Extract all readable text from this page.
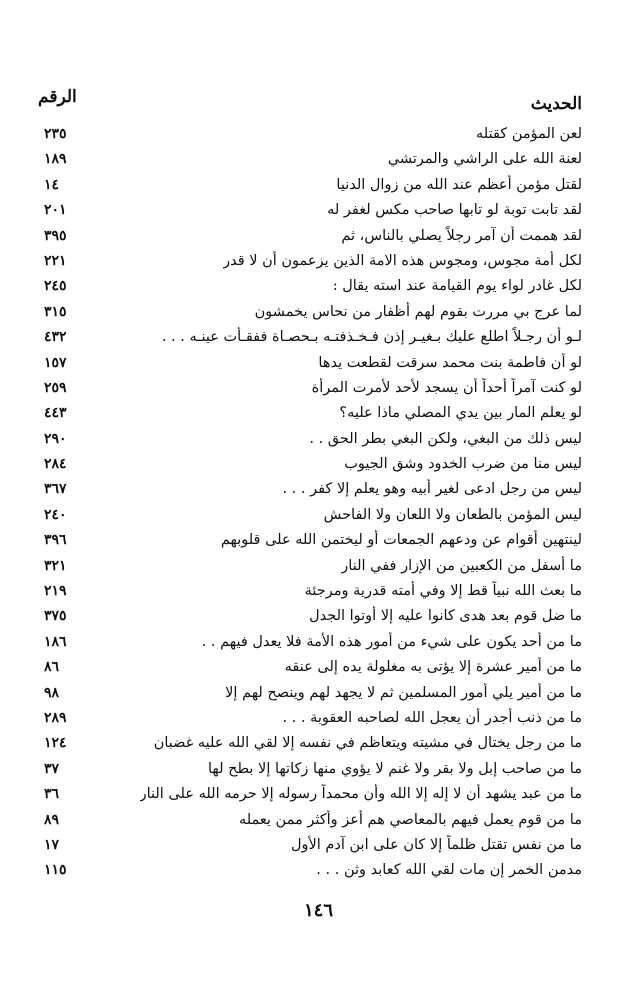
الحديث
الرقم
لعن المؤمن كقتله
٢٣٥
لعنة الله على الراشي والمرتشي
١٨٩
لقتل مؤمن أعظم عند الله من زوال الدنيا
١٤
لقد تابت توبة لو تابها صاحب مكس لغفر له
٢٠١
لقد هممت أن آمر رجلاً يصلي بالناس، ثم
٣٩٥
لكل أمة مجوس، ومجوس هذه الامة الذين يزعمون أن لا قدر
٢٢١
لكل غادر لواء يوم القيامة عند استه يقال :
٢٤٥
لما عرج بي مررت بقوم لهم أظفار من نحاس يخمشون
٣١٥
لـو أن رجـلاً اطلع عليك بـغيـر إذن فـخـذفتـه بـحصـاة ففقـأت عينـه . . .
٤٣٢
لو أن فاطمة بنت محمد سرقت لقطعت يدها
١٥٧
لو كنت آمراً أحداً أن يسجد لأحد لأمرت المرأة
٢٥٩
لو يعلم المار بين يدي المصلي ماذا عليه؟
٤٤٣
ليس ذلك من البغي، ولكن البغي بطر الحق . .
٢٩٠
ليس منا من ضرب الخدود وشق الجيوب
٢٨٤
ليس من رجل ادعى لغير أبيه وهو يعلم إلا كفر . . .
٣٦٧
ليس المؤمن بالطعان ولا اللعان ولا الفاحش
٢٤٠
لينتهين أقوام عن ودعهم الجمعات أو ليختمن الله على قلوبهم
٣٩٦
ما أسفل من الكعبين من الإزار ففي النار
٣٢١
ما بعث الله نبياً قط إلا وفي أمته قدرية ومرجئة
٢١٩
ما ضل قوم بعد هدى كانوا عليه إلا أوتوا الجدل
٣٧٥
ما من أحد يكون على شيء من أمور هذه الأمة فلا يعدل فيهم . .
١٨٦
ما من أمير عشرة إلا يؤتى به مغلولة يده إلى عنقه
٨٦
ما من أمير يلي أمور المسلمين ثم لا يجهد لهم وينصح لهم إلا
٩٨
ما من ذنب أجدر أن يعجل الله لصاحبه العقوبة . . .
٢٨٩
ما من رجل يختال في مشيته ويتعاظم في نفسه إلا لقي الله عليه غضبان
١٢٤
ما من صاحب إبل ولا بقر ولا غنم لا يؤوي منها زكاتها إلا بطح لها
٣٧
ما من عبد يشهد أن لا إله إلا الله وأن محمداً رسوله إلا حرمه الله على النار
٣٦
ما من قوم يعمل فيهم بالمعاصي هم أعز وأكثر ممن يعمله
٨٩
ما من نفس تقتل ظلماً إلا كان على ابن آدم الأول
١٧
مدمن الخمر إن مات لقي الله كعابد وثن . . .
١١٥
١٤٦
